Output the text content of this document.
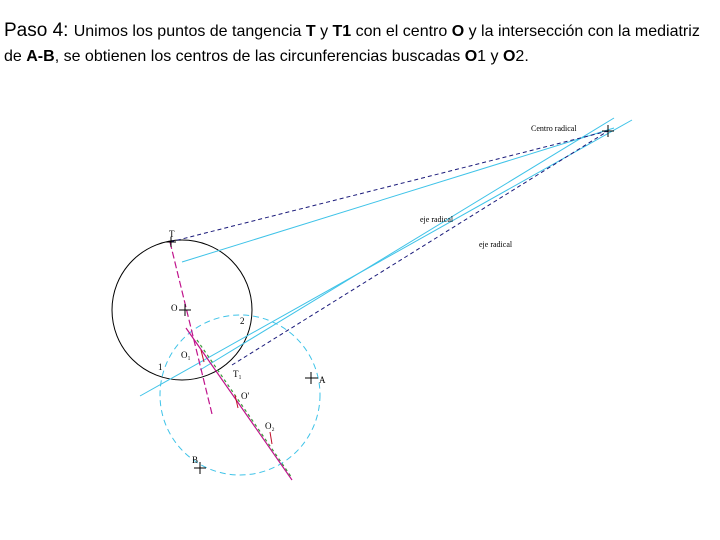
Paso 4: Unimos los puntos de tangencia T y T1 con el centro O y la intersección con la mediatriz de A-B, se obtienen los centros de las circunferencias buscadas O1 y O2.
Centro radical
eje radical
eje radical
T
O
2
1
O₁
T₁
A
O'
O₂
B
